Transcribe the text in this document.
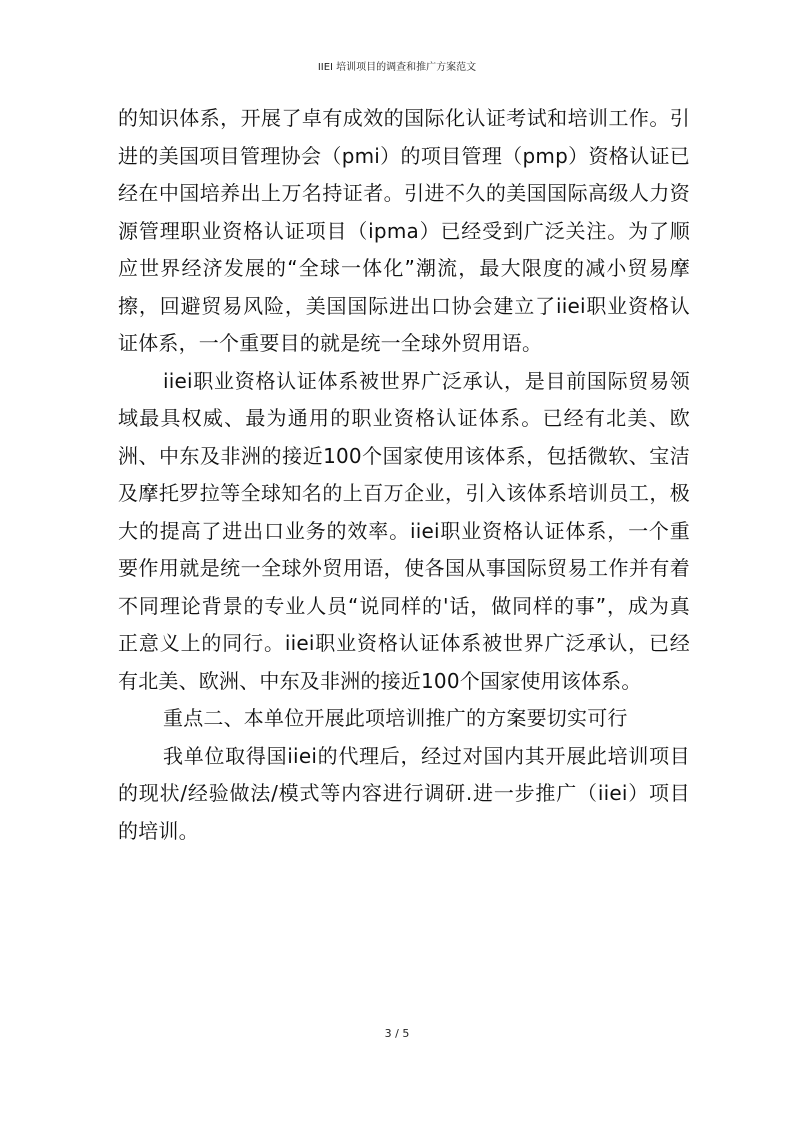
IIEI 培训项目的调查和推广方案范文

的知识体系，开展了卓有成效的国际化认证考试和培训工作。引进的美国项目管理协会（pmi）的项目管理（pmp）资格认证已经在中国培养出上万名持证者。引进不久的美国国际高级人力资源管理职业资格认证项目（ipma）已经受到广泛关注。为了顺应世界经济发展的“全球一体化”潮流，最大限度的减小贸易摩擦，回避贸易风险，美国国际进出口协会建立了iiei职业资格认证体系，一个重要目的就是统一全球外贸用语。

iiei职业资格认证体系被世界广泛承认，是目前国际贸易领域最具权威、最为通用的职业资格认证体系。已经有北美、欧洲、中东及非洲的接近100个国家使用该体系，包括微软、宝洁及摩托罗拉等全球知名的上百万企业，引入该体系培训员工，极大的提高了进出口业务的效率。iiei职业资格认证体系，一个重要作用就是统一全球外贸用语，使各国从事国际贸易工作并有着不同理论背景的专业人员“说同样的'话，做同样的事”，成为真正意义上的同行。iiei职业资格认证体系被世界广泛承认，已经有北美、欧洲、中东及非洲的接近100个国家使用该体系。

重点二、本单位开展此项培训推广的方案要切实可行

我单位取得国iiei的代理后，经过对国内其开展此培训项目的现状/经验做法/模式等内容进行调研.进一步推广（iiei）项目的培训。

3 / 5
